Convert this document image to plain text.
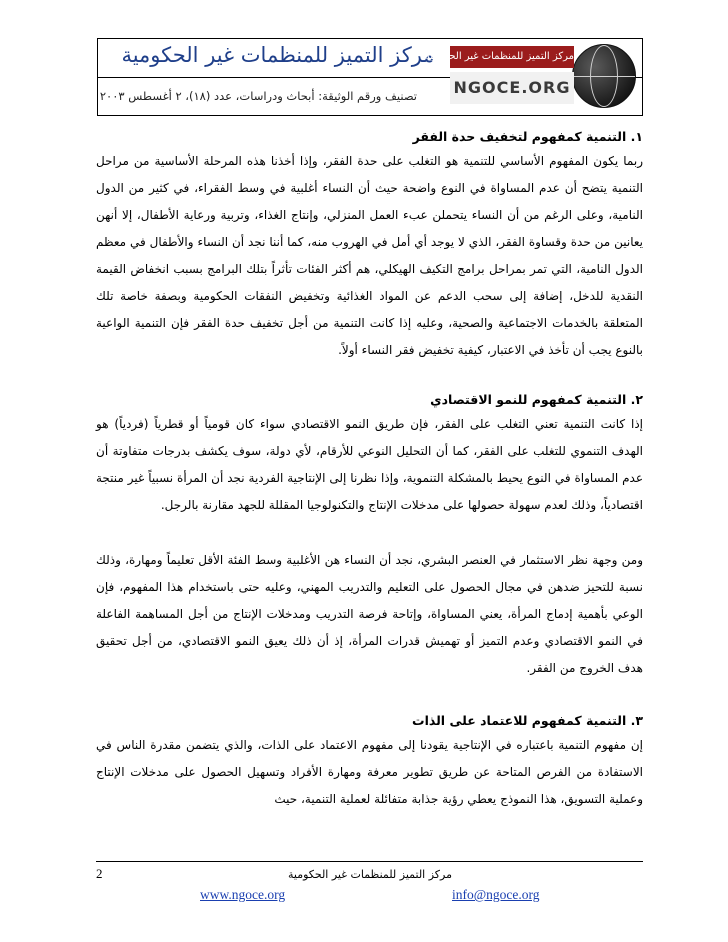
مركز التميز للمنظمات غير الحكومية
تصنيف ورقم الوثيقة: أبحاث ودراسات، عدد (١٨)، ٢ أغسطس ٢٠٠٣
مركز التميز للمنظمات غير الحكومية
NGOCE.ORG
١. التنمية كمفهوم لتخفيف حدة الفقر

ربما يكون المفهوم الأساسي للتنمية هو التغلب على حدة الفقر، وإذا أخذنا هذه المرحلة الأساسية من مراحل التنمية يتضح أن عدم المساواة في النوع واضحة حيث أن النساء أغلبية في وسط الفقراء، في كثير من الدول النامية، وعلى الرغم من أن النساء يتحملن عبء العمل المنزلي، وإنتاج الغذاء، وتربية ورعاية الأطفال، إلا أنهن يعانين من حدة وقساوة الفقر، الذي لا يوجد أي أمل في الهروب منه، كما أننا نجد أن النساء والأطفال في معظم الدول النامية، التي تمر بمراحل برامج التكيف الهيكلي، هم أكثر الفئات تأثراً بتلك البرامج بسبب انخفاض القيمة النقدية للدخل، إضافة إلى سحب الدعم عن المواد الغذائية وتخفيض النفقات الحكومية وبصفة خاصة تلك المتعلقة بالخدمات الاجتماعية والصحية، وعليه إذا كانت التنمية من أجل تخفيف حدة الفقر فإن التنمية الواعية بالنوع يجب أن تأخذ في الاعتبار، كيفية تخفيض فقر النساء أولاً.

٢. التنمية كمفهوم للنمو الاقتصادي

إذا كانت التنمية تعني التغلب على الفقر، فإن طريق النمو الاقتصادي سواء كان قومياً أو قطرياً (فردياً) هو الهدف التنموي للتغلب على الفقر، كما أن التحليل النوعي للأرقام، لأي دولة، سوف يكشف بدرجات متفاوتة أن عدم المساواة في النوع يحيط بالمشكلة التنموية، وإذا نظرنا إلى الإنتاجية الفردية نجد أن المرأة نسبياً غير منتجة اقتصادياً، وذلك لعدم سهولة حصولها على مدخلات الإنتاج والتكنولوجيا المقللة للجهد مقارنة بالرجل.

ومن وجهة نظر الاستثمار في العنصر البشري، نجد أن النساء هن الأغلبية وسط الفئة الأقل تعليماً ومهارة، وذلك نسبة للتحيز ضدهن في مجال الحصول على التعليم والتدريب المهني، وعليه حتى باستخدام هذا المفهوم، فإن الوعي بأهمية إدماج المرأة، يعني المساواة، وإتاحة فرصة التدريب ومدخلات الإنتاج من أجل المساهمة الفاعلة في النمو الاقتصادي وعدم التميز أو تهميش قدرات المرأة، إذ أن ذلك يعيق النمو الاقتصادي، من أجل تحقيق هدف الخروج من الفقر.

٣. التنمية كمفهوم للاعتماد على الذات

إن مفهوم التنمية باعتباره في الإنتاجية يقودنا إلى مفهوم الاعتماد على الذات، والذي يتضمن مقدرة الناس في الاستفادة من الفرص المتاحة عن طريق تطوير معرفة ومهارة الأفراد وتسهيل الحصول على مدخلات الإنتاج وعملية التسويق، هذا النموذج يعطي رؤية جذابة متفائلة لعملية التنمية، حيث

2	مركز التميز للمنظمات غير الحكومية
www.ngoce.org	info@ngoce.org
